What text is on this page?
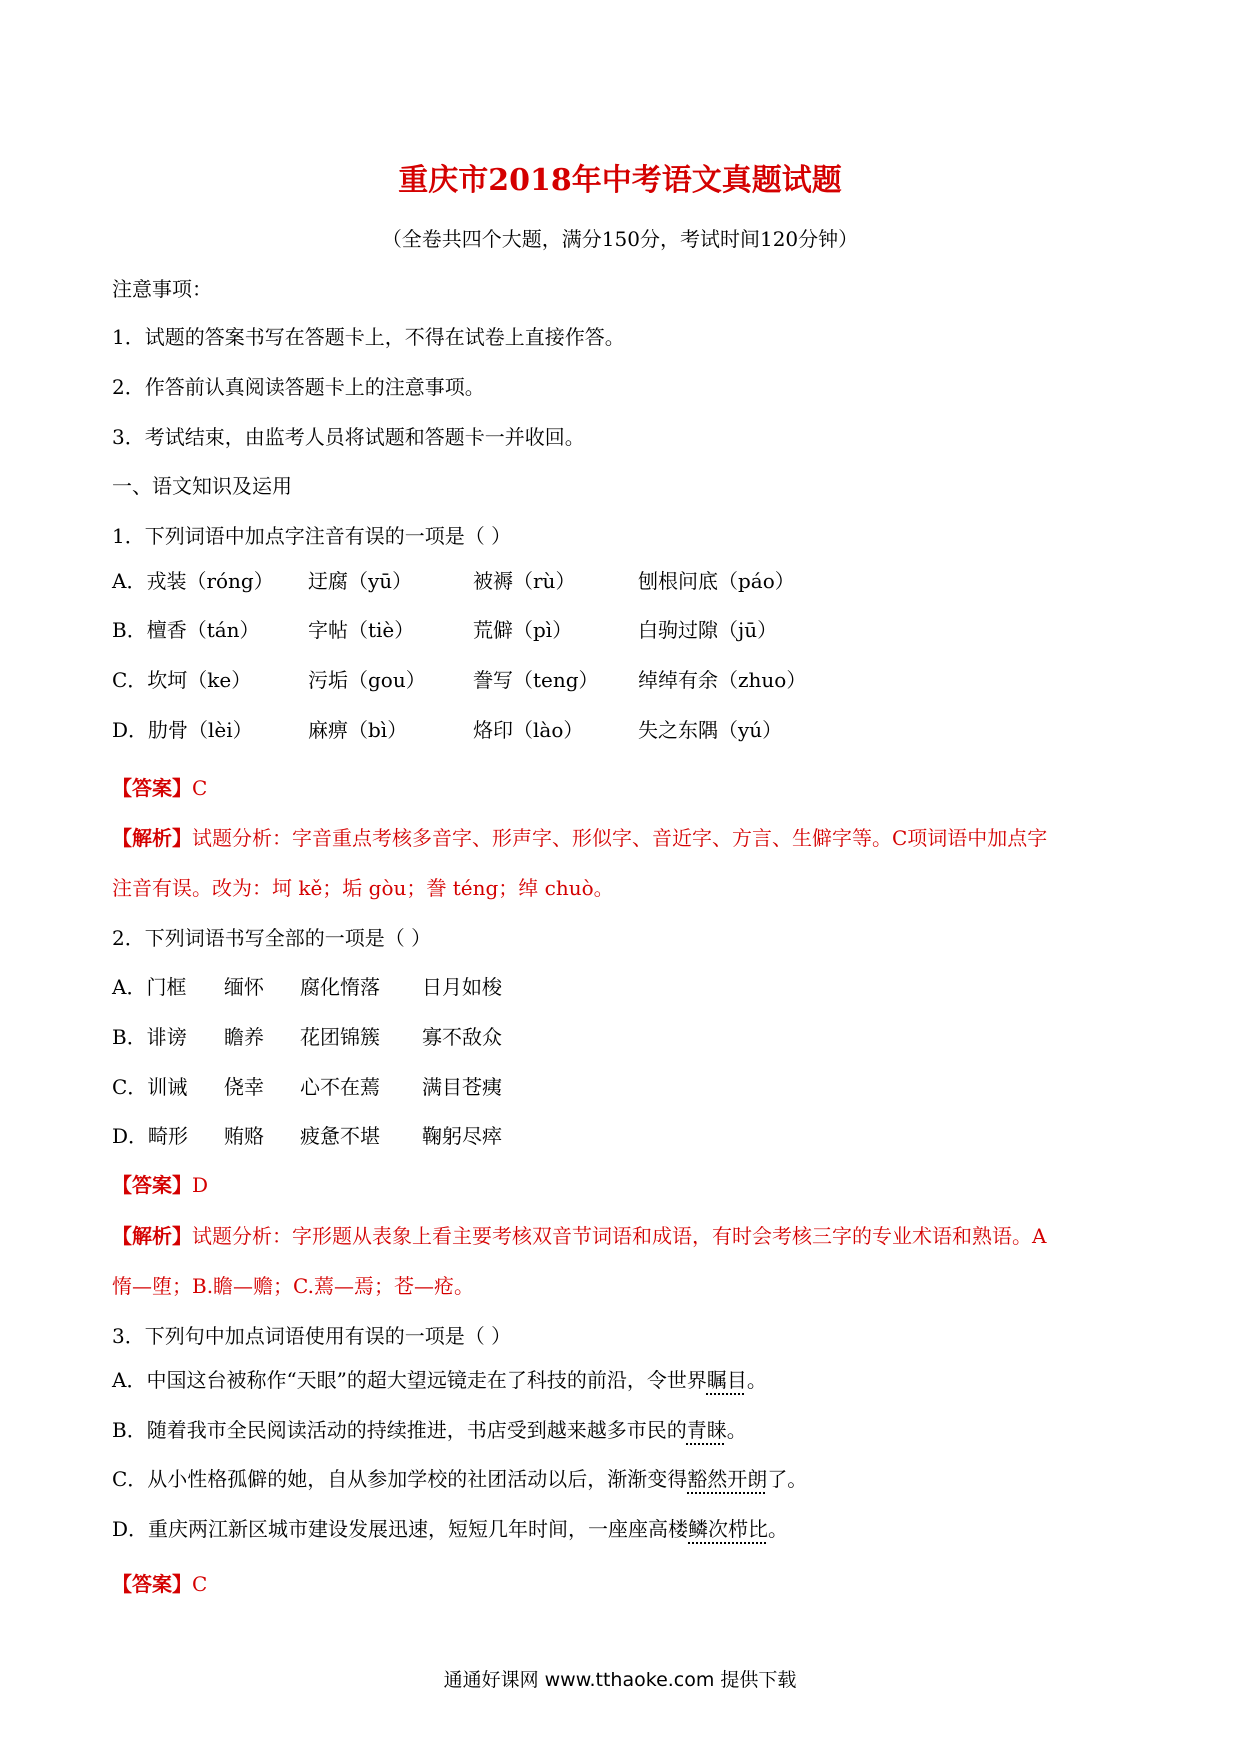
重庆市2018年中考语文真题试题
（全卷共四个大题，满分150分，考试时间120分钟）
注意事项：
1．试题的答案书写在答题卡上，不得在试卷上直接作答。
2．作答前认真阅读答题卡上的注意事项。
3．考试结束，由监考人员将试题和答题卡一并收回。
一、语文知识及运用
1．下列词语中加点字注音有误的一项是（ ）
A．戎装（róng） 迂腐（yū）	被褥（rù）	刨根问底（páo）
B．檀香（tán） 字帖（tiè）	荒僻（pì）	白驹过隙（jū）
C．坎坷（ke）	污垢（gou） 誊写（teng） 绰绰有余（zhuo）
D．肋骨（lèi）	麻痹（bì）	烙印（lào）	失之东隅（yú）
【答案】C
【解析】试题分析：字音重点考核多音字、形声字、形似字、音近字、方言、生僻字等。C项词语中加点字
注音有误。改为：坷 kě；垢 gòu；誊 téng；绰 chuò。
2．下列词语书写全部的一项是（ ）
A．门框 缅怀 腐化惰落 日月如梭
B．诽谤 瞻养 花团锦簇 寡不敌众
C．训诫 侥幸 心不在蔫 满目苍痍
D．畸形 贿赂 疲惫不堪 鞠躬尽瘁
【答案】D
【解析】试题分析：字形题从表象上看主要考核双音节词语和成语，有时会考核三字的专业术语和熟语。A
惰—堕；B.瞻—赡；C.蔫—焉；苍—疮。
3．下列句中加点词语使用有误的一项是（ ）
A．中国这台被称作“天眼”的超大望远镜走在了科技的前沿，令世界瞩目。
B．随着我市全民阅读活动的持续推进，书店受到越来越多市民的青睐。
C．从小性格孤僻的她，自从参加学校的社团活动以后，渐渐变得豁然开朗了。
D．重庆两江新区城市建设发展迅速，短短几年时间，一座座高楼鳞次栉比。
【答案】C
通通好课网 www.tthaoke.com 提供下载
